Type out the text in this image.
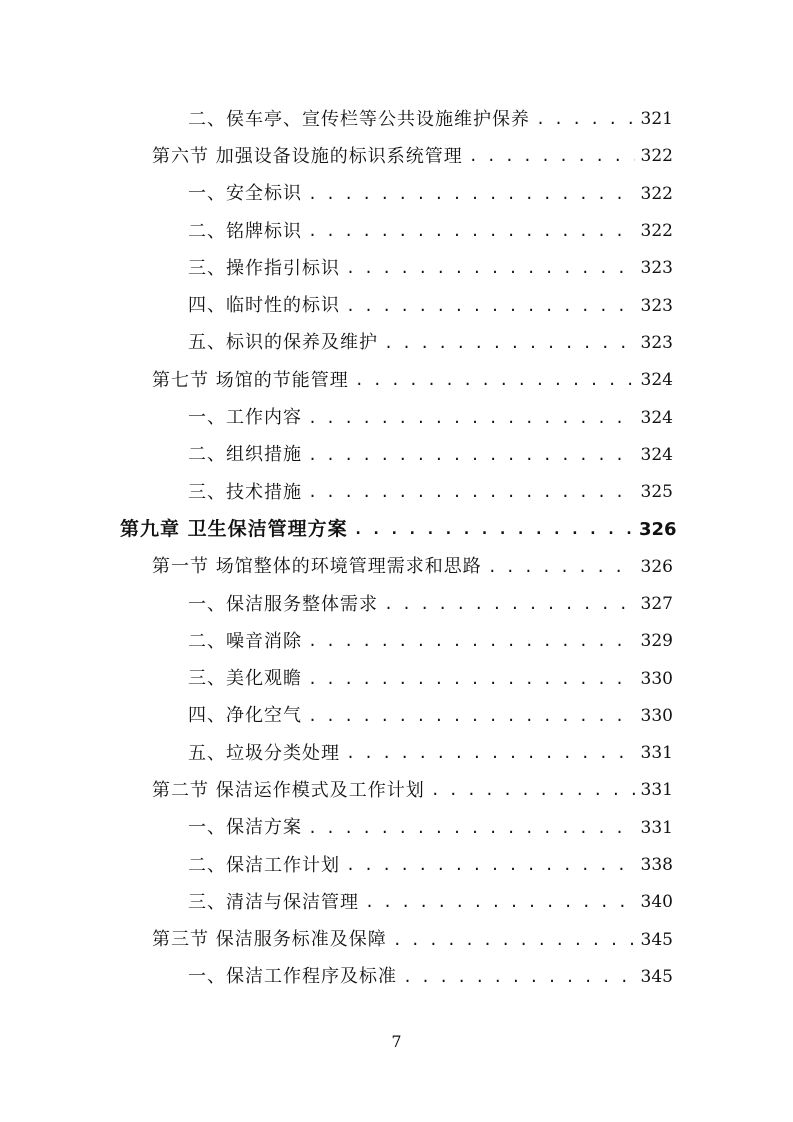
二、侯车亭、宣传栏等公共设施维护保养 . . .	321
第六节 加强设备设施的标识系统管理 . . .	322
一、安全标识 . . .	322
二、铭牌标识 . . .	322
三、操作指引标识 . . .	323
四、临时性的标识 . . .	323
五、标识的保养及维护 . . .	323
第七节 场馆的节能管理 . . .	324
一、工作内容 . . .	324
二、组织措施 . . .	324
三、技术措施 . . .	325
第九章 卫生保洁管理方案 . . .	326
第一节 场馆整体的环境管理需求和思路 . . .	326
一、保洁服务整体需求 . . .	327
二、噪音消除 . . .	329
三、美化观瞻 . . .	330
四、净化空气 . . .	330
五、垃圾分类处理 . . .	331
第二节 保洁运作模式及工作计划 . . .	331
一、保洁方案 . . .	331
二、保洁工作计划 . . .	338
三、清洁与保洁管理 . . .	340
第三节 保洁服务标准及保障 . . .	345
一、保洁工作程序及标准 . . .	345
7
